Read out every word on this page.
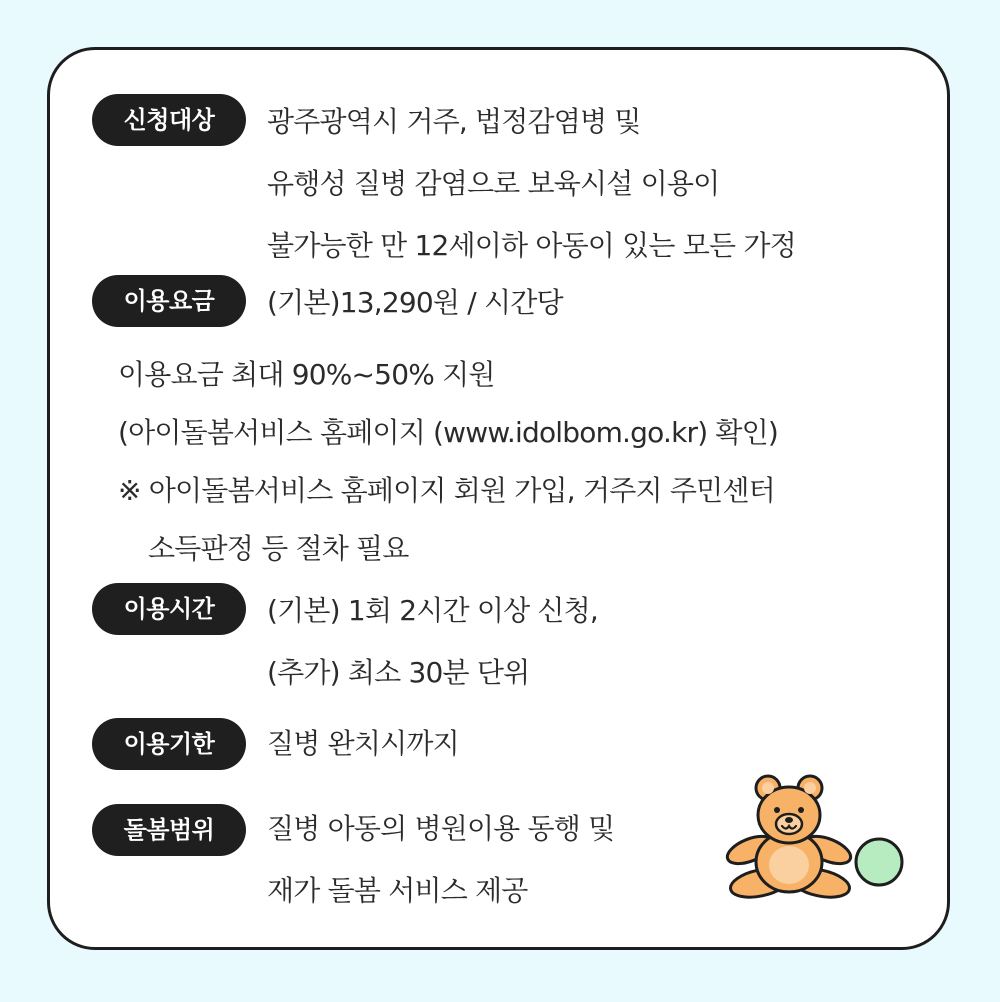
신청대상	광주광역시 거주, 법정감염병 및
유행성 질병 감염으로 보육시설 이용이
불가능한 만 12세이하 아동이 있는 모든 가정
이용요금	(기본)13,290원 / 시간당
이용요금 최대 90%~50% 지원
(아이돌봄서비스 홈페이지 (www.idolbom.go.kr) 확인)
※ 아이돌봄서비스 홈페이지 회원 가입, 거주지 주민센터
소득판정 등 절차 필요
이용시간	(기본) 1회 2시간 이상 신청,
(추가) 최소 30분 단위
이용기한	질병 완치시까지
돌봄범위	질병 아동의 병원이용 동행 및
재가 돌봄 서비스 제공
